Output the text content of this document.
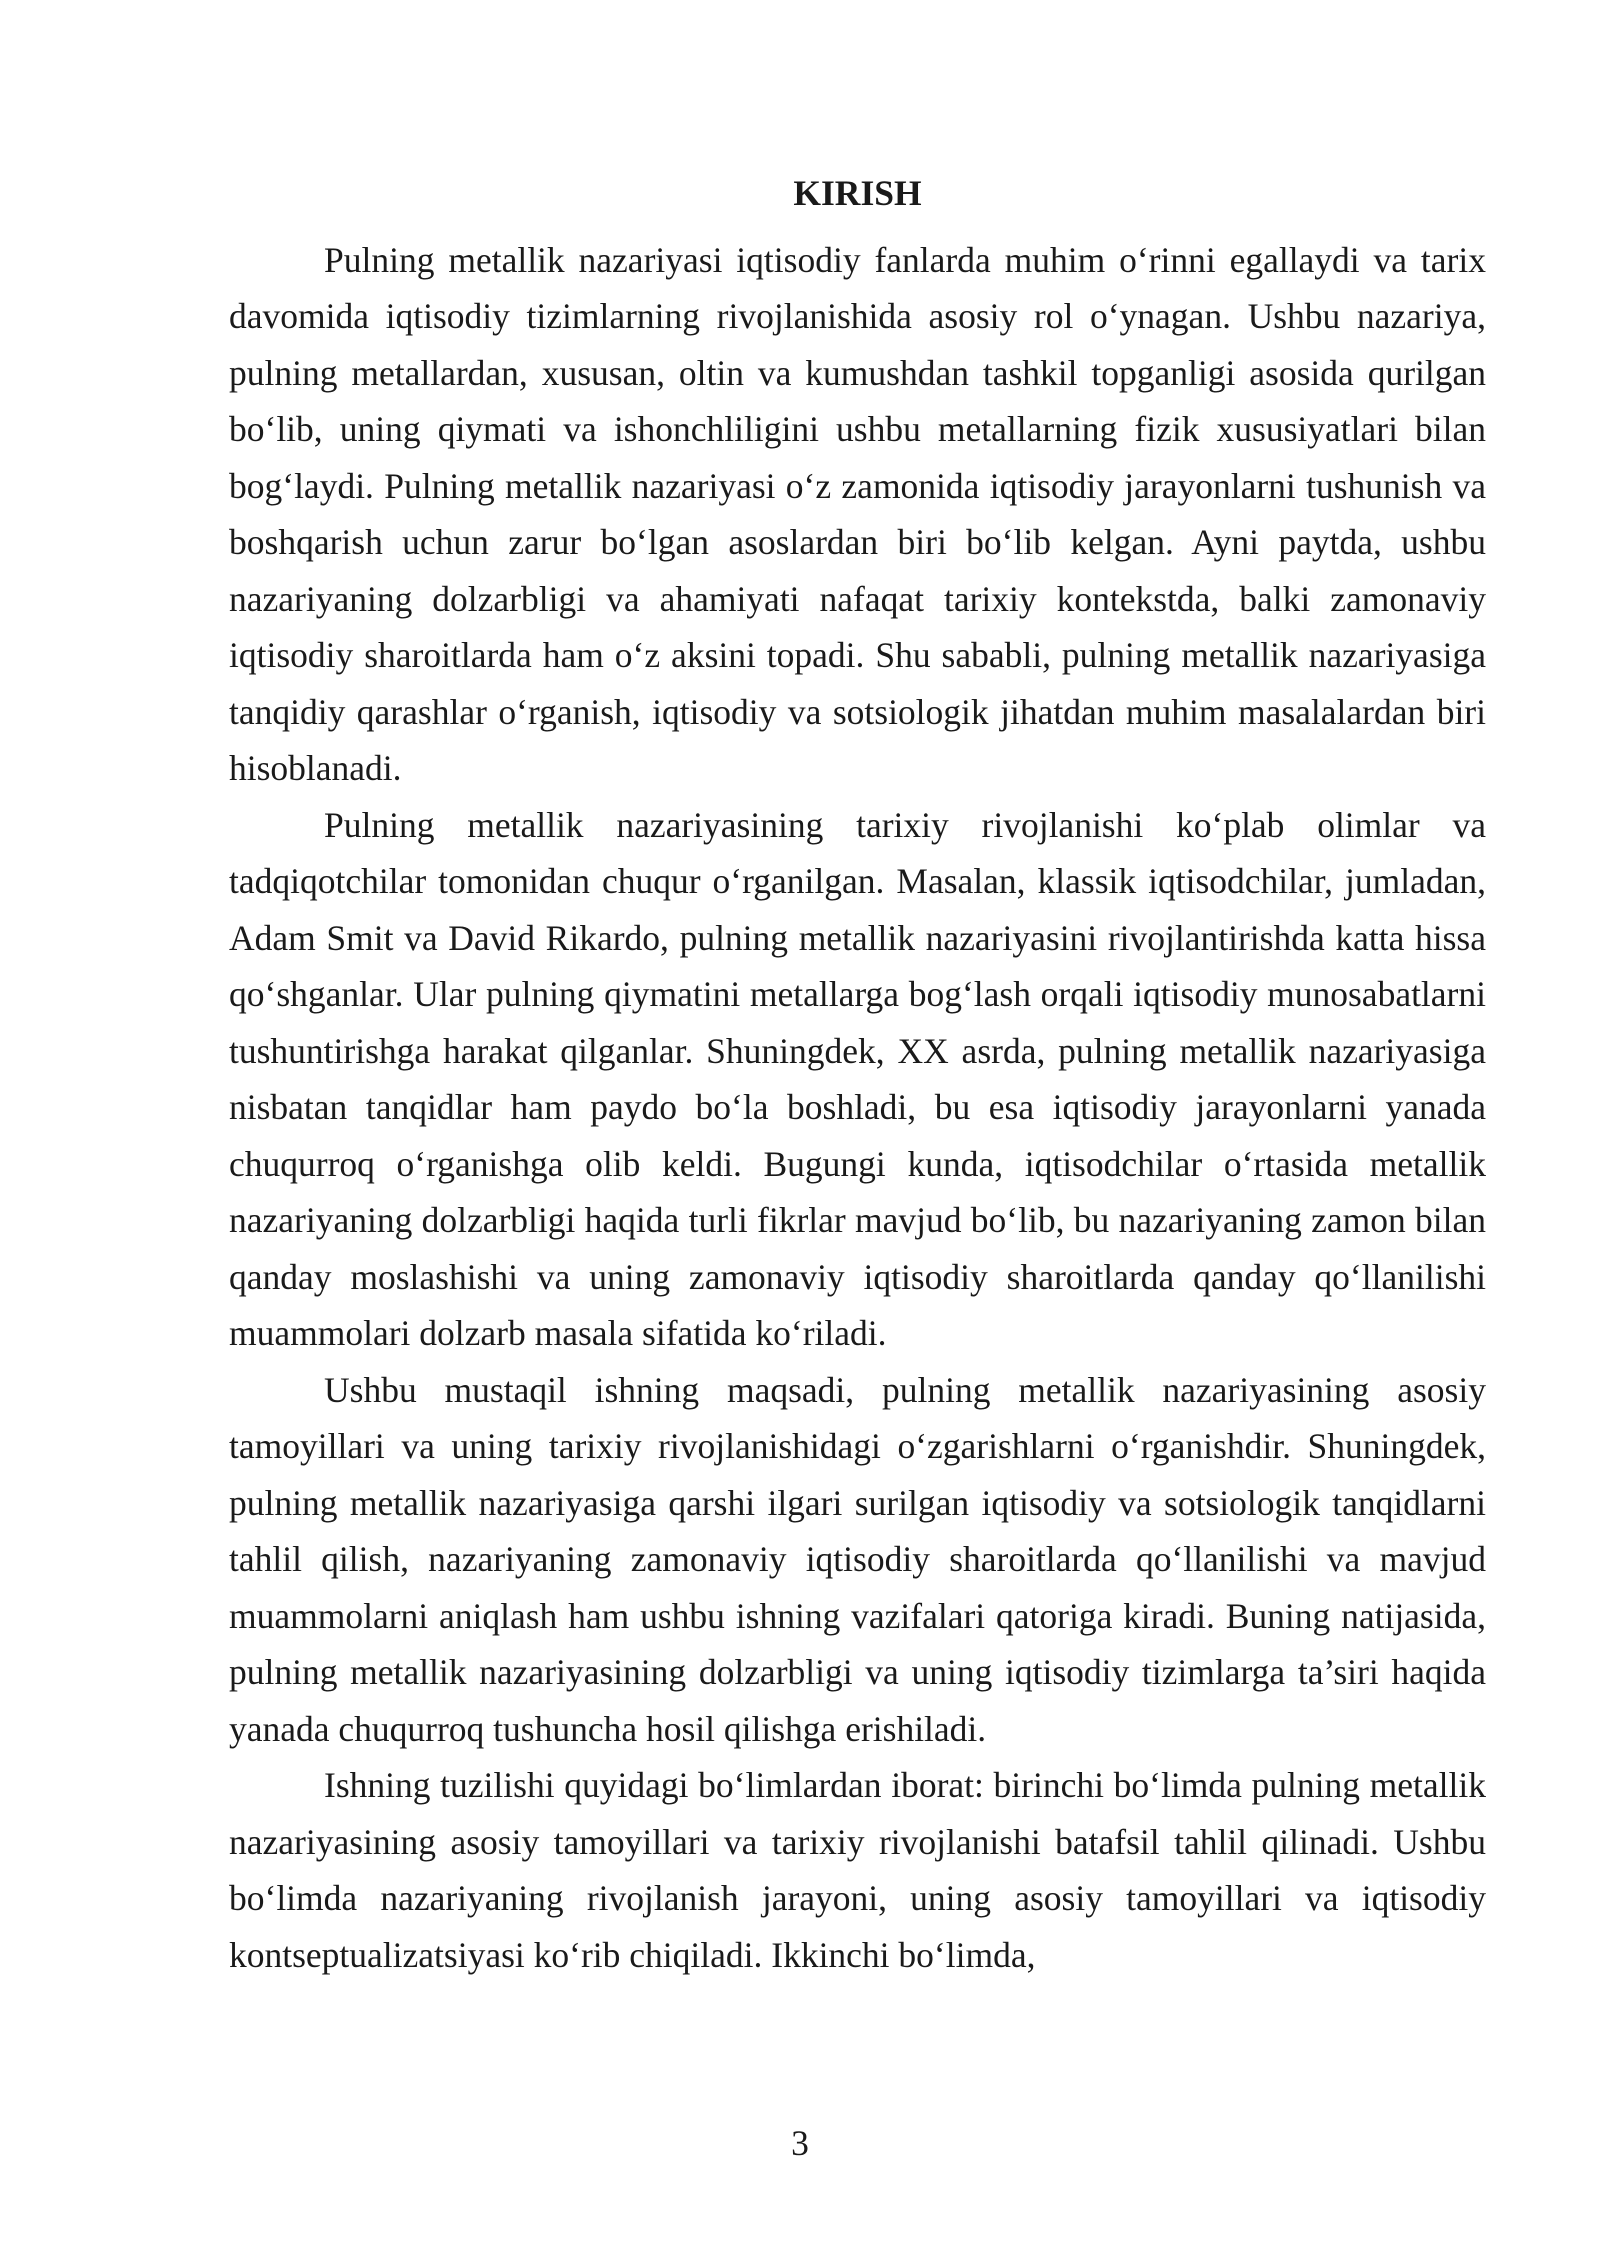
KIRISH

Pulning metallik nazariyasi iqtisodiy fanlarda muhim o‘rinni egallaydi va tarix davomida iqtisodiy tizimlarning rivojlanishida asosiy rol o‘ynagan. Ushbu nazariya, pulning metallardan, xususan, oltin va kumushdan tashkil topganligi asosida qurilgan bo‘lib, uning qiymati va ishonchliligini ushbu metallarning fizik xususiyatlari bilan bog‘laydi. Pulning metallik nazariyasi o‘z zamonida iqtisodiy jarayonlarni tushunish va boshqarish uchun zarur bo‘lgan asoslardan biri bo‘lib kelgan. Ayni paytda, ushbu nazariyaning dolzarbligi va ahamiyati nafaqat tarixiy kontekstda, balki zamonaviy iqtisodiy sharoitlarda ham o‘z aksini topadi. Shu sababli, pulning metallik nazariyasiga tanqidiy qarashlar o‘rganish, iqtisodiy va sotsiologik jihatdan muhim masalalardan biri hisoblanadi.

Pulning metallik nazariyasining tarixiy rivojlanishi ko‘plab olimlar va tadqiqotchilar tomonidan chuqur o‘rganilgan. Masalan, klassik iqtisodchilar, jumladan, Adam Smit va David Rikardo, pulning metallik nazariyasini rivojlantirishda katta hissa qo‘shganlar. Ular pulning qiymatini metallarga bog‘lash orqali iqtisodiy munosabatlarni tushuntirishga harakat qilganlar. Shuningdek, XX asrda, pulning metallik nazariyasiga nisbatan tanqidlar ham paydo bo‘la boshladi, bu esa iqtisodiy jarayonlarni yanada chuqurroq o‘rganishga olib keldi. Bugungi kunda, iqtisodchilar o‘rtasida metallik nazariyaning dolzarbligi haqida turli fikrlar mavjud bo‘lib, bu nazariyaning zamon bilan qanday moslashishi va uning zamonaviy iqtisodiy sharoitlarda qanday qo‘llanilishi muammolari dolzarb masala sifatida ko‘riladi.

Ushbu mustaqil ishning maqsadi, pulning metallik nazariyasining asosiy tamoyillari va uning tarixiy rivojlanishidagi o‘zgarishlarni o‘rganishdir. Shuningdek, pulning metallik nazariyasiga qarshi ilgari surilgan iqtisodiy va sotsiologik tanqidlarni tahlil qilish, nazariyaning zamonaviy iqtisodiy sharoitlarda qo‘llanilishi va mavjud muammolarni aniqlash ham ushbu ishning vazifalari qatoriga kiradi. Buning natijasida, pulning metallik nazariyasining dolzarbligi va uning iqtisodiy tizimlarga ta’siri haqida yanada chuqurroq tushuncha hosil qilishga erishiladi.

Ishning tuzilishi quyidagi bo‘limlardan iborat: birinchi bo‘limda pulning metallik nazariyasining asosiy tamoyillari va tarixiy rivojlanishi batafsil tahlil qilinadi. Ushbu bo‘limda nazariyaning rivojlanish jarayoni, uning asosiy tamoyillari va iqtisodiy kontseptualizatsiyasi ko‘rib chiqiladi. Ikkinchi bo‘limda,

3
